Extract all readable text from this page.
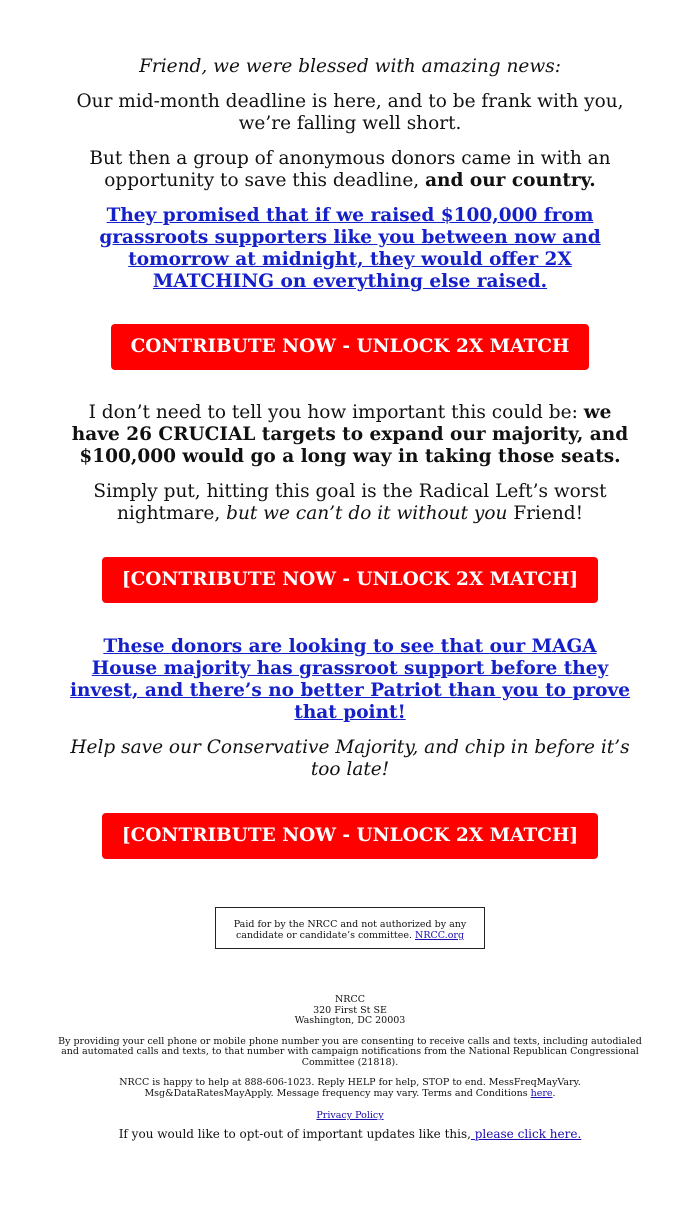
Friend, we were blessed with amazing news:

Our mid-month deadline is here, and to be frank with you, we’re falling well short.

But then a group of anonymous donors came in with an opportunity to save this deadline, and our country.

They promised that if we raised $100,000 from grassroots supporters like you between now and tomorrow at midnight, they would offer 2X MATCHING on everything else raised.

CONTRIBUTE NOW - UNLOCK 2X MATCH

I don’t need to tell you how important this could be: we have 26 CRUCIAL targets to expand our majority, and $100,000 would go a long way in taking those seats.

Simply put, hitting this goal is the Radical Left’s worst nightmare, but we can’t do it without you Friend!

[CONTRIBUTE NOW - UNLOCK 2X MATCH]

These donors are looking to see that our MAGA House majority has grassroot support before they invest, and there’s no better Patriot than you to prove that point!

Help save our Conservative Majority, and chip in before it’s too late!

[CONTRIBUTE NOW - UNLOCK 2X MATCH]
Paid for by the NRCC and not authorized by any candidate or candidate’s committee. NRCC.org

NRCC

320 First St SE

Washington, DC 20003

By providing your cell phone or mobile phone number you are consenting to receive calls and texts, including autodialed and automated calls and texts, to that number with campaign notifications from the National Republican Congressional Committee (21818).

NRCC is happy to help at 888-606-1023. Reply HELP for help, STOP to end. MessFreqMayVary. Msg&DataRatesMayApply. Message frequency may vary. Terms and Conditions here.

Privacy Policy

If you would like to opt-out of important updates like this, please click here.
